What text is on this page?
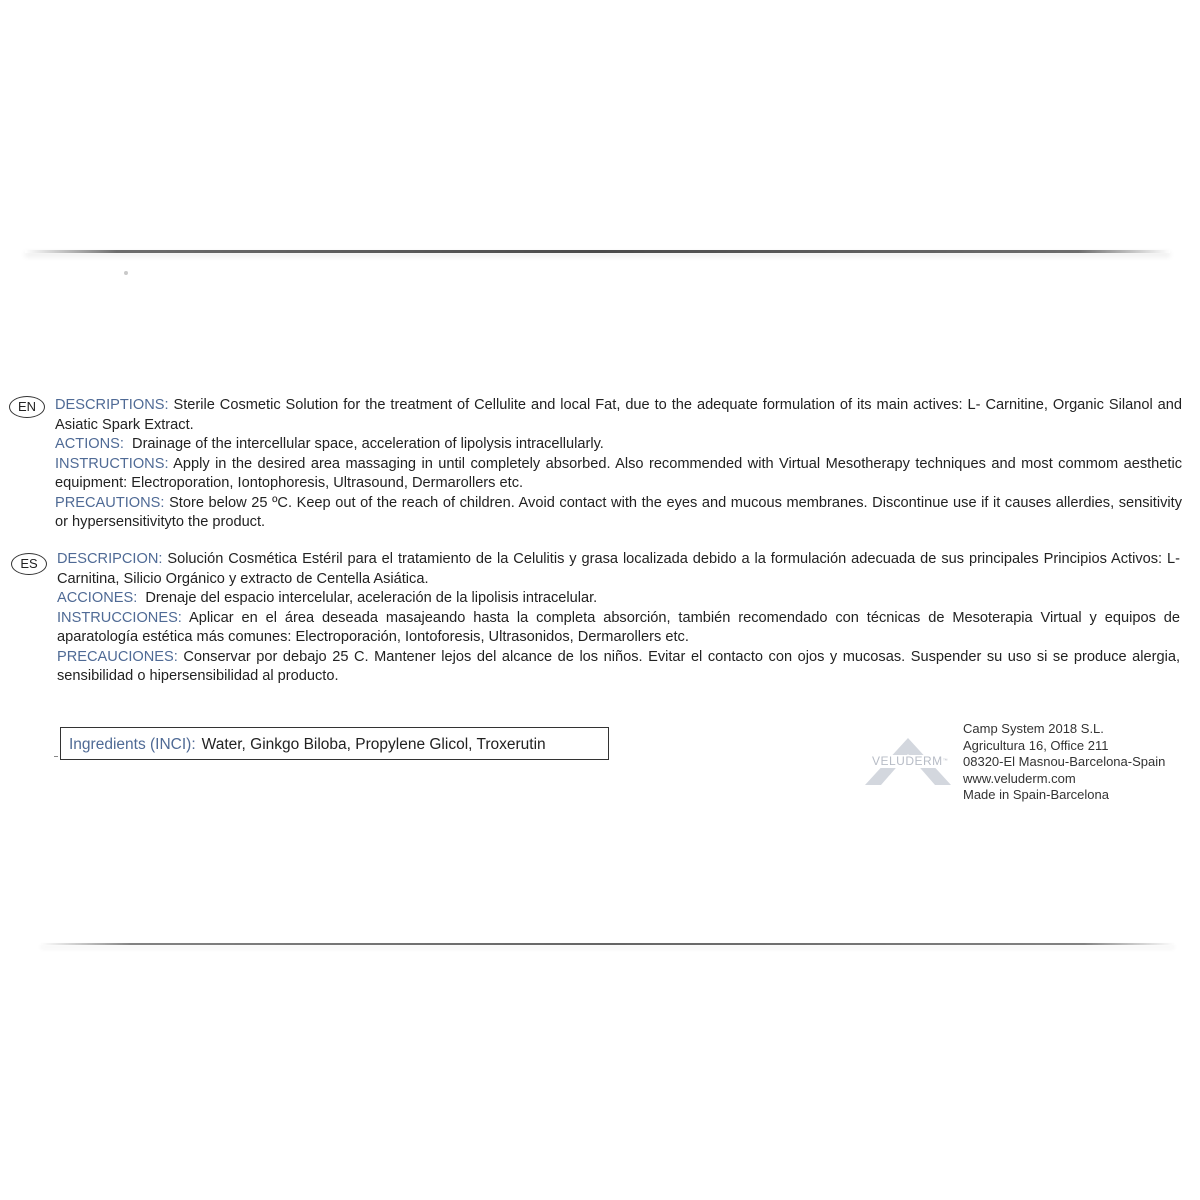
EN	DESCRIPTIONS: Sterile Cosmetic Solution for the treatment of Cellulite and local Fat, due to the adequate formulation of its main actives: L- Carnitine, Organic Silanol and Asiatic Spark Extract.
ACTIONS: Drainage of the intercellular space, acceleration of lipolysis intracellularly.
INSTRUCTIONS: Apply in the desired area massaging in until completely absorbed. Also recommended with Virtual Mesotherapy techniques and most commom aesthetic equipment: Electroporation, Iontophoresis, Ultrasound, Dermarollers etc.
PRECAUTIONS: Store below 25 ºC. Keep out of the reach of children. Avoid contact with the eyes and mucous membranes. Discontinue use if it causes allerdies, sensitivity or hypersensitivityto the product.
ES	DESCRIPCION: Solución Cosmética Estéril para el tratamiento de la Celulitis y grasa localizada debido a la formulación adecuada de sus principales Principios Activos: L-Carnitina, Silicio Orgánico y extracto de Centella Asiática.
ACCIONES: Drenaje del espacio intercelular, aceleración de la lipolisis intracelular.
INSTRUCCIONES: Aplicar en el área deseada masajeando hasta la completa absorción, también recomendado con técnicas de Mesoterapia Virtual y equipos de aparatología estética más comunes: Electroporación, Iontoforesis, Ultrasonidos, Dermarollers etc.
PRECAUCIONES: Conservar por debajo 25 C. Mantener lejos del alcance de los niños. Evitar el contacto con ojos y mucosas. Suspender su uso si se produce alergia, sensibilidad o hipersensibilidad al producto.
Ingredients (INCI): Water, Ginkgo Biloba, Propylene Glicol, Troxerutin
VELUDERM™
Camp System 2018 S.L.
Agricultura 16, Office 211
08320-El Masnou-Barcelona-Spain
www.veluderm.com
Made in Spain-Barcelona
